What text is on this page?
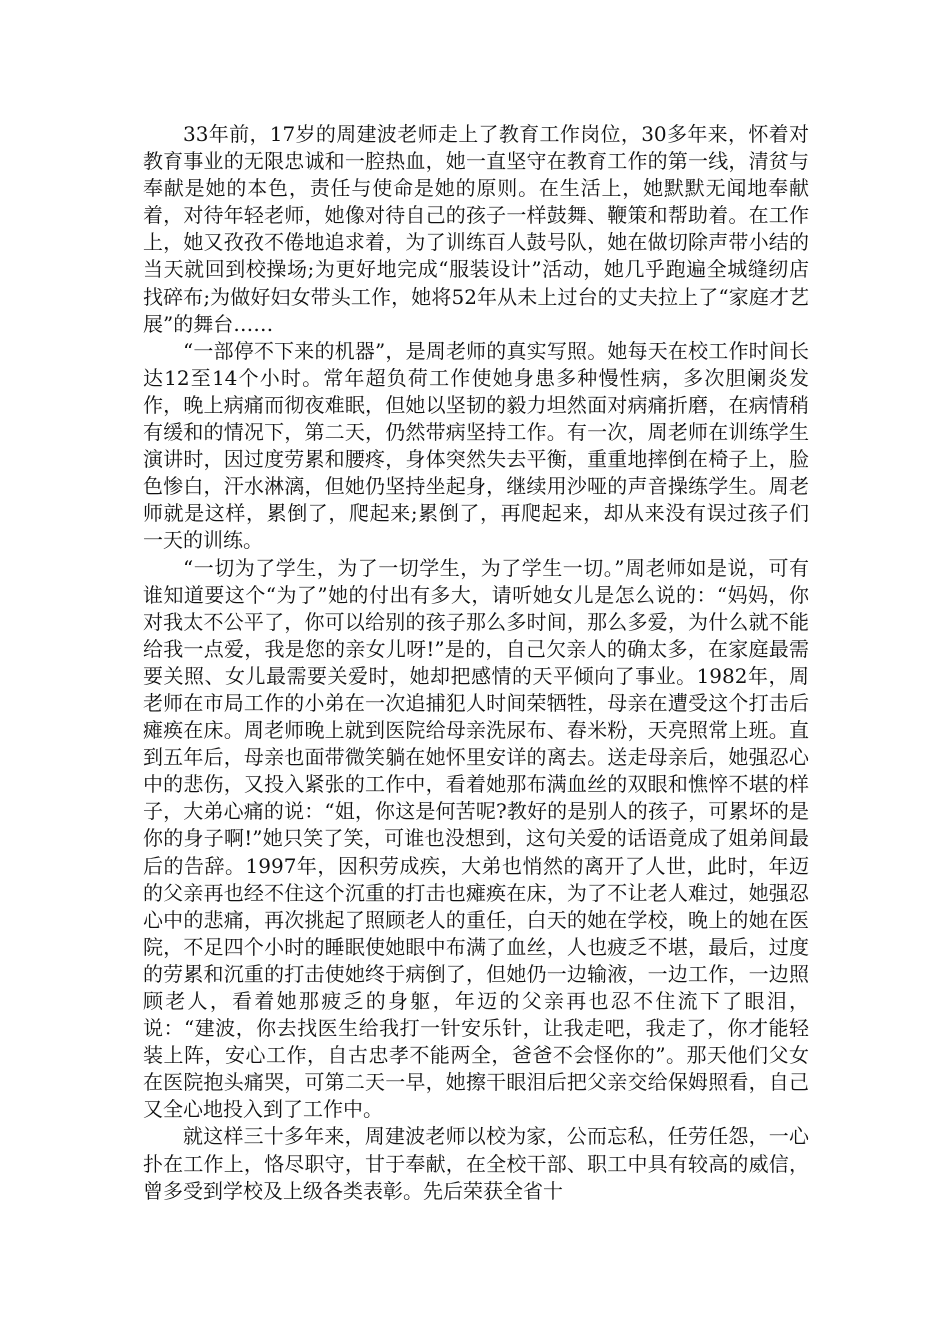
33年前，17岁的周建波老师走上了教育工作岗位，30多年来，怀着对教育事业的无限忠诚和一腔热血，她一直坚守在教育工作的第一线，清贫与奉献是她的本色，责任与使命是她的原则。在生活上，她默默无闻地奉献着，对待年轻老师，她像对待自己的孩子一样鼓舞、鞭策和帮助着。在工作上，她又孜孜不倦地追求着，为了训练百人鼓号队，她在做切除声带小结的当天就回到校操场;为更好地完成“服装设计”活动，她几乎跑遍全城缝纫店找碎布;为做好妇女带头工作，她将52年从未上过台的丈夫拉上了“家庭才艺展”的舞台……

“一部停不下来的机器”，是周老师的真实写照。她每天在校工作时间长达12至14个小时。常年超负荷工作使她身患多种慢性病，多次胆阑炎发作，晚上病痛而彻夜难眠，但她以坚韧的毅力坦然面对病痛折磨，在病情稍有缓和的情况下，第二天，仍然带病坚持工作。有一次，周老师在训练学生演讲时，因过度劳累和腰疼，身体突然失去平衡，重重地摔倒在椅子上，脸色惨白，汗水淋漓，但她仍坚持坐起身，继续用沙哑的声音操练学生。周老师就是这样，累倒了，爬起来;累倒了，再爬起来，却从来没有误过孩子们一天的训练。

“一切为了学生，为了一切学生，为了学生一切。”周老师如是说，可有谁知道要这个“为了”她的付出有多大，请听她女儿是怎么说的：“妈妈，你对我太不公平了，你可以给别的孩子那么多时间，那么多爱，为什么就不能给我一点爱，我是您的亲女儿呀!”是的，自己欠亲人的确太多，在家庭最需要关照、女儿最需要关爱时，她却把感情的天平倾向了事业。1982年，周老师在市局工作的小弟在一次追捕犯人时间荣牺牲，母亲在遭受这个打击后瘫痪在床。周老师晚上就到医院给母亲洗尿布、舂米粉，天亮照常上班。直到五年后，母亲也面带微笑躺在她怀里安详的离去。送走母亲后，她强忍心中的悲伤，又投入紧张的工作中，看着她那布满血丝的双眼和憔悴不堪的样子，大弟心痛的说：“姐，你这是何苦呢?教好的是别人的孩子，可累坏的是你的身子啊!”她只笑了笑，可谁也没想到，这句关爱的话语竟成了姐弟间最后的告辞。1997年，因积劳成疾，大弟也悄然的离开了人世，此时，年迈的父亲再也经不住这个沉重的打击也瘫痪在床，为了不让老人难过，她强忍心中的悲痛，再次挑起了照顾老人的重任，白天的她在学校，晚上的她在医院，不足四个小时的睡眠使她眼中布满了血丝，人也疲乏不堪，最后，过度的劳累和沉重的打击使她终于病倒了，但她仍一边输液，一边工作，一边照顾老人，看着她那疲乏的身躯，年迈的父亲再也忍不住流下了眼泪，说：“建波，你去找医生给我打一针安乐针，让我走吧，我走了，你才能轻装上阵，安心工作，自古忠孝不能两全，爸爸不会怪你的”。那天他们父女在医院抱头痛哭，可第二天一早，她擦干眼泪后把父亲交给保姆照看，自己又全心地投入到了工作中。

就这样三十多年来，周建波老师以校为家，公而忘私，任劳任怨，一心扑在工作上，恪尽职守，甘于奉献，在全校干部、职工中具有较高的威信，曾多受到学校及上级各类表彰。先后荣获全省十
